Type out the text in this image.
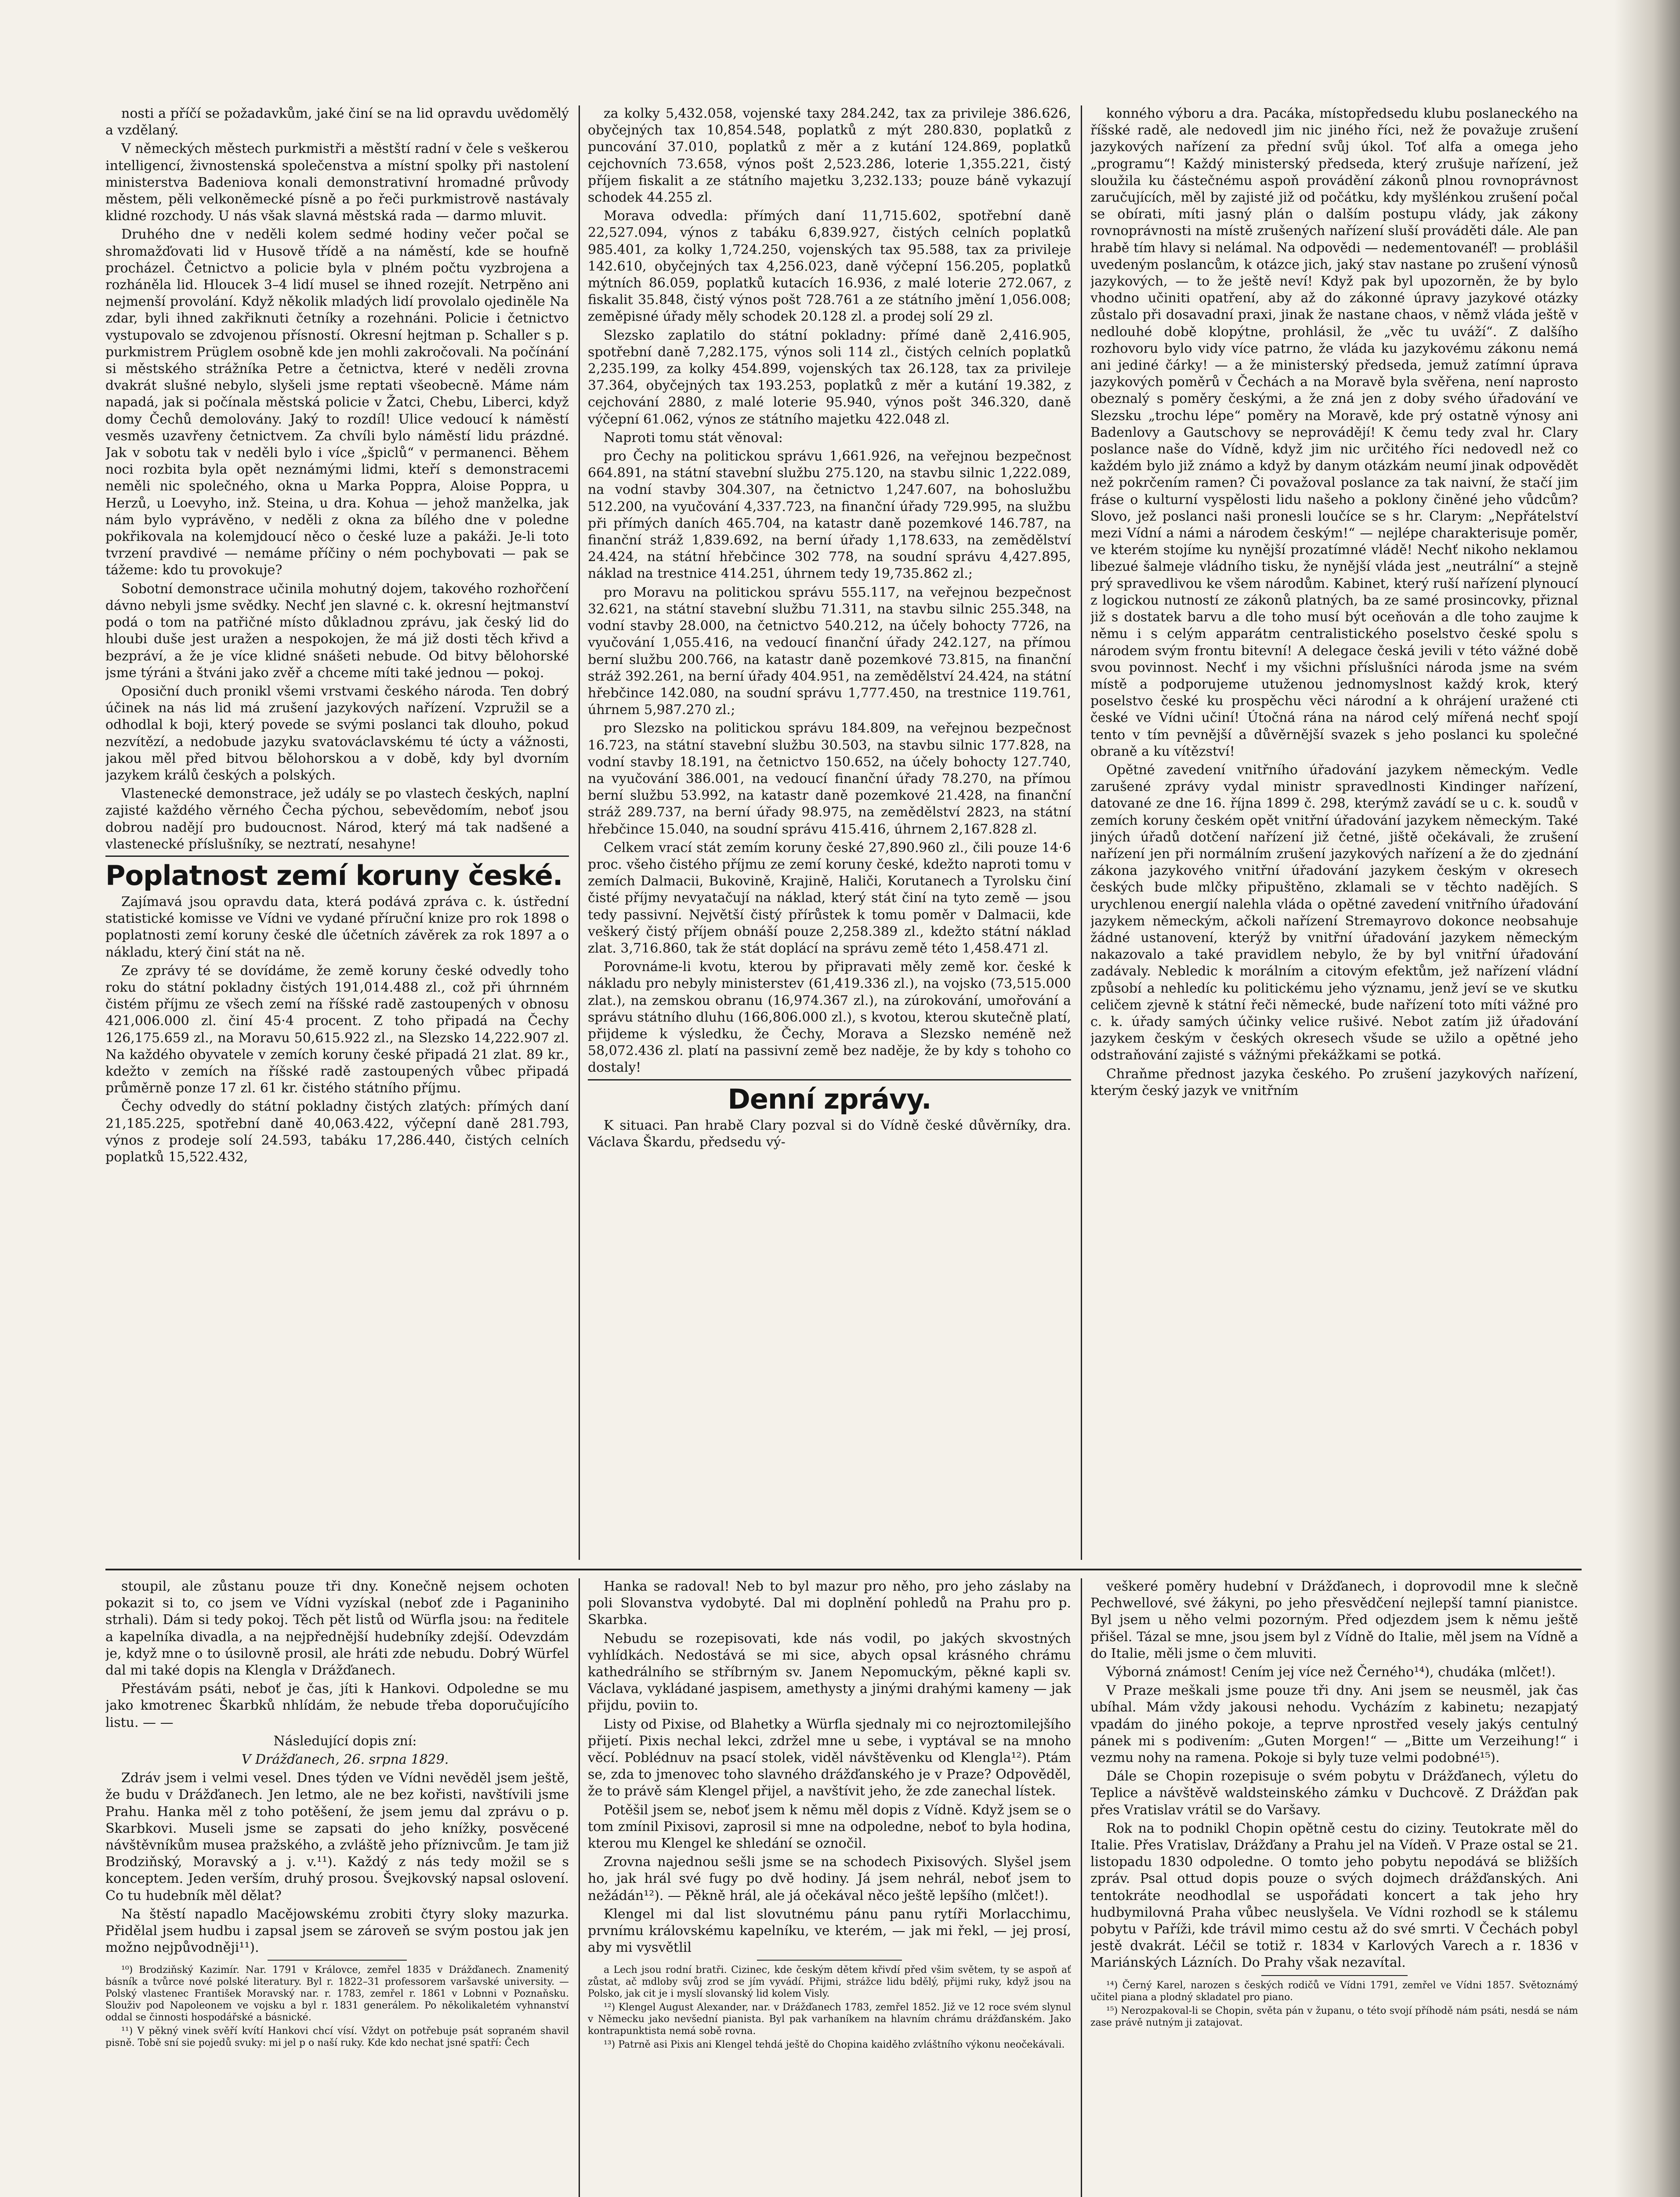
nosti a příčí se požadavkům, jaké činí se na lid opravdu uvědomělý a vzdělaný.

V německých městech purkmistři a městští radní v čele s veškerou intelligencí, živnostenská společenstva a místní spolky při nastolení ministerstva Badeniova konali demonstrativní hromadné průvody městem, pěli velkoněmecké písně a po řeči purkmistrově nastávaly klidné rozchody. U nás však slavná městská rada — darmo mluvit.

Druhého dne v neděli kolem sedmé hodiny večer počal se shromažďovati lid v Husově třídě a na náměstí, kde se houfně procházel. Četnictvo a policie byla v plném počtu vyzbrojena a rozháněla lid. Hloucek 3–4 lidí musel se ihned rozejít. Netrpěno ani nejmenší provolání. Když několik mladých lidí provolalo ojediněle Na zdar, byli ihned zakřiknuti četníky a rozehnáni. Policie i četnictvo vystupovalo se zdvojenou přísností. Okresní hejtman p. Schaller s p. purkmistrem Prüglem osobně kde jen mohli zakročovali. Na počínání si městského strážníka Petre a četnictva, které v neděli zrovna dvakrát slušné nebylo, slyšeli jsme reptati všeobecně. Máme nám napadá, jak si počínala městská policie v Žatci, Chebu, Liberci, když domy Čechů demolovány. Jaký to rozdíl! Ulice vedoucí k náměstí vesměs uzavřeny četnictvem. Za chvíli bylo náměstí lidu prázdné. Jak v sobotu tak v neděli bylo i více „špiclů“ v permanenci. Během noci rozbita byla opět neznámými lidmi, kteří s demonstracemi neměli nic společného, okna u Marka Poppra, Aloise Poppra, u Herzů, u Loevyho, inž. Steina, u dra. Kohua — jehož manželka, jak nám bylo vyprávěno, v neděli z okna za bílého dne v poledne pokřikovala na kolemjdoucí něco o české luze a pakáži. Je-li toto tvrzení pravdivé — nemáme příčiny o ném pochybovati — pak se tážeme: kdo tu provokuje?

Sobotní demonstrace učinila mohutný dojem, takového rozhořčení dávno nebyli jsme svědky. Nechť jen slavné c. k. okresní hejtmanství podá o tom na patřičné místo důkladnou zprávu, jak český lid do hloubi duše jest uražen a nespokojen, že má již dosti těch křivd a bezpráví, a že je více klidné snášeti nebude. Od bitvy bělohorské jsme týráni a štváni jako zvěř a chceme míti také jednou — pokoj.

Oposiční duch pronikl všemi vrstvami českého národa. Ten dobrý účinek na nás lid má zrušení jazykových nařízení. Vzpružil se a odhodlal k boji, který povede se svými poslanci tak dlouho, pokud nezvítězí, a nedobude jazyku svatováclavskému té úcty a vážnosti, jakou měl před bitvou bělohorskou a v době, kdy byl dvorním jazykem králů českých a polských.

Vlastenecké demonstrace, jež udály se po vlastech českých, naplní zajisté každého věrného Čecha pýchou, sebevědomím, neboť jsou dobrou nadějí pro budoucnost. Národ, který má tak nadšené a vlastenecké příslušníky, se neztratí, nesahyne!

Poplatnost zemí koruny české.

Zajímavá jsou opravdu data, která podává zpráva c. k. ústřední statistické komisse ve Vídni ve vydané příruční knize pro rok 1898 o poplatnosti zemí koruny české dle účetních závěrek za rok 1897 a o nákladu, který činí stát na ně.

Ze zprávy té se dovídáme, že země koruny české odvedly toho roku do státní pokladny čistých 191,014.488 zl., což při úhrnném čistém příjmu ze všech zemí na říšské radě zastoupených v obnosu 421,006.000 zl. činí 45·4 procent. Z toho připadá na Čechy 126,175.659 zl., na Moravu 50,615.922 zl., na Slezsko 14,222.907 zl. Na každého obyvatele v zemích koruny české připadá 21 zlat. 89 kr., kdežto v zemích na říšské radě zastoupených vůbec připadá průměrně ponze 17 zl. 61 kr. čistého státního příjmu.

Čechy odvedly do státní pokladny čistých zlatých: přímých daní 21,185.225, spotřební daně 40,063.422, výčepní daně 281.793, výnos z prodeje solí 24.593, tabáku 17,286.440, čistých celních poplatků 15,522.432,

za kolky 5,432.058, vojenské taxy 284.242, tax za privileje 386.626, obyčejných tax 10,854.548, poplatků z mýt 280.830, poplatků z puncování 37.010, poplatků z měr a z kutání 124.869, poplatků cejchovních 73.658, výnos pošt 2,523.286, loterie 1,355.221, čistý příjem fiskalit a ze státního majetku 3,232.133; pouze báně vykazují schodek 44.255 zl.

Morava odvedla: přímých daní 11,715.602, spotřební daně 22,527.094, výnos z tabáku 6,839.927, čistých celních poplatků 985.401, za kolky 1,724.250, vojenských tax 95.588, tax za privileje 142.610, obyčejných tax 4,256.023, daně výčepní 156.205, poplatků mýtních 86.059, poplatků kutacích 16.936, z malé loterie 272.067, z fiskalit 35.848, čistý výnos pošt 728.761 a ze státního jmění 1,056.008; zeměpisné úřady měly schodek 20.128 zl. a prodej solí 29 zl.

Slezsko zaplatilo do státní pokladny: přímé daně 2,416.905, spotřební daně 7,282.175, výnos soli 114 zl., čistých celních poplatků 2,235.199, za kolky 454.899, vojenských tax 26.128, tax za privileje 37.364, obyčejných tax 193.253, poplatků z měr a kutání 19.382, z cejchování 2880, z malé loterie 95.940, výnos pošt 346.320, daně výčepní 61.062, výnos ze státního majetku 422.048 zl.

Naproti tomu stát věnoval:

pro Čechy na politickou správu 1,661.926, na veřejnou bezpečnost 664.891, na státní stavební službu 275.120, na stavbu silnic 1,222.089, na vodní stavby 304.307, na četnictvo 1,247.607, na bohoslužbu 512.200, na vyučování 4,337.723, na finanční úřady 729.995, na službu při přímých daních 465.704, na katastr daně pozemkové 146.787, na finanční stráž 1,839.692, na berní úřady 1,178.633, na zemědělství 24.424, na státní hřebčince 302 778, na soudní správu 4,427.895, náklad na trestnice 414.251, úhrnem tedy 19,735.862 zl.;

pro Moravu na politickou správu 555.117, na veřejnou bezpečnost 32.621, na státní stavební službu 71.311, na stavbu silnic 255.348, na vodní stavby 28.000, na četnictvo 540.212, na účely bohocty 7726, na vyučování 1,055.416, na vedoucí finanční úřady 242.127, na přímou berní službu 200.766, na katastr daně pozemkové 73.815, na finanční stráž 392.261, na berní úřady 404.951, na zemědělství 24.424, na státní hřebčince 142.080, na soudní správu 1,777.450, na trestnice 119.761, úhrnem 5,987.270 zl.;

pro Slezsko na politickou správu 184.809, na veřejnou bezpečnost 16.723, na státní stavební službu 30.503, na stavbu silnic 177.828, na vodní stavby 18.191, na četnictvo 150.652, na účely bohocty 127.740, na vyučování 386.001, na vedoucí finanční úřady 78.270, na přímou berní službu 53.992, na katastr daně pozemkové 21.428, na finanční stráž 289.737, na berní úřady 98.975, na zemědělství 2823, na státní hřebčince 15.040, na soudní správu 415.416, úhrnem 2,167.828 zl.

Celkem vrací stát zemím koruny české 27,890.960 zl., čili pouze 14·6 proc. všeho čistého příjmu ze zemí koruny české, kdežto naproti tomu v zemích Dalmacii, Bukovině, Krajině, Haliči, Korutanech a Tyrolsku činí čisté příjmy nevyatačují na náklad, který stát činí na tyto země — jsou tedy passivní. Největší čistý přírůstek k tomu poměr v Dalmacii, kde veškerý čistý příjem obnáší pouze 2,258.389 zl., kdežto státní náklad zlat. 3,716.860, tak že stát doplácí na správu země této 1,458.471 zl.

Porovnáme-li kvotu, kterou by připravati měly země kor. české k nákladu pro nebyly ministerstev (61,419.336 zl.), na vojsko (73,515.000 zlat.), na zemskou obranu (16,974.367 zl.), na zúrokování, umořování a správu státního dluhu (166,806.000 zl.), s kvotou, kterou skutečně platí, přijdeme k výsledku, že Čechy, Morava a Slezsko neméně než 58,072.436 zl. platí na passivní země bez naděje, že by kdy s tohoho co dostaly!

Denní zprávy.

K situaci. Pan hrabě Clary pozval si do Vídně české důvěrníky, dra. Václava Škardu, předsedu vý-

konného výboru a dra. Pacáka, místopředsedu klubu poslaneckého na říšské radě, ale nedovedl jim nic jiného říci, než že považuje zrušení jazykových nařízení za přední svůj úkol. Toť alfa a omega jeho „programu“! Každý ministerský předseda, který zrušuje nařízení, jež sloužila ku částečnému aspoň provádění zákonů plnou rovnoprávnost zaručujících, měl by zajisté již od počátku, kdy myšlénkou zrušení počal se obírati, míti jasný plán o dalším postupu vlády, jak zákony rovnoprávnosti na místě zrušených nařízení sluší prováděti dále. Ale pan hrabě tím hlavy si nelámal. Na odpovědi — nedementovanéľ! — problášil uvedeným poslancům, k otázce jich, jaký stav nastane po zrušení výnosů jazykových, — to že ještě neví! Když pak byl upozorněn, že by bylo vhodno učiniti opatření, aby až do zákonné úpravy jazykové otázky zůstalo při dosavadní praxi, jinak že nastane chaos, v němž vláda ještě v nedlouhé době klopýtne, prohlásil, že „věc tu uváží“. Z dalšího rozhovoru bylo vidy více patrno, že vláda ku jazykovému zákonu nemá ani jediné čárky! — a že ministerský předseda, jemuž zatímní úprava jazykových poměrů v Čechách a na Moravě byla svěřena, není naprosto obeznalý s poměry českými, a že zná jen z doby svého úřadování ve Slezsku „trochu lépe“ poměry na Moravě, kde prý ostatně výnosy ani Badenlovy a Gautschovy se neprovádějí! K čemu tedy zval hr. Clary poslance naše do Vídně, když jim nic určitého říci nedovedl než co každém bylo již známo a když by danym otázkám neumí jinak odpovědět než pokrčením ramen? Či považoval poslance za tak naivní, že stačí jim fráse o kulturní vyspělosti lidu našeho a poklony činěné jeho vůdcům? Slovo, jež poslanci naši pronesli loučíce se s hr. Clarym: „Nepřátelství mezi Vídní a námi a národem českým!“ — nejlépe charakterisuje poměr, ve kterém stojíme ku nynější prozatímné vládě! Nechť nikoho neklamou libezué šalmeje vládního tisku, že nynější vláda jest „neutrální“ a stejně prý spravedlivou ke všem národům. Kabinet, který ruší nařízení plynoucí z logickou nutností ze zákonů platných, ba ze samé prosincovky, přiznal již s dostatek barvu a dle toho musí být oceňován a dle toho zaujme k němu i s celým apparátm centralistického poselstvo české spolu s národem svým frontu bitevní! A delegace česká jevili v této vážné době svou povinnost. Nechť i my všichni příslušníci národa jsme na svém místě a podporujeme utuženou jednomyslnost každý krok, který poselstvo české ku prospěchu věci národní a k ohrájení uražené cti české ve Vídni učiní! Útočná rána na národ celý mířená nechť spojí tento v tím pevnější a důvěrnější svazek s jeho poslanci ku společné obraně a ku vítězství!

Opětné zavedení vnitřního úřadování jazykem německým. Vedle zarušené zprávy vydal ministr spravedlnosti Kindinger nařízení, datované ze dne 16. října 1899 č. 298, kterýmž zavádí se u c. k. soudů v zemích koruny českém opět vnitřní úřadování jazykem německým. Také jiných úřadů dotčení nařízení již četné, jiště očekávali, že zrušení nařízení jen při normálním zrušení jazykových nařízení a že do zjednání zákona jazykového vnitřní úřadování jazykem českým v okresech českých bude mlčky připuštěno, zklamali se v těchto nadějích. S urychlenou energií nalehla vláda o opětné zavedení vnitřního úřadování jazykem německým, ačkoli nařízení Stremayrovo dokonce neobsahuje žádné ustanovení, kterýž by vnitřní úřadování jazykem německým nakazovalo a také pravidlem nebylo, že by byl vnitřní úřadování zadávaly. Nebledic k morálním a citovým efektům, jež nařízení vládní způsobí a nehledíc ku politickému jeho významu, jenž jeví se ve skutku celičem zjevně k státní řeči německé, bude nařízení toto míti vážné pro c. k. úřady samých účinky velice rušivé. Nebot zatím již úřadování jazykem českým v českých okresech všude se užilo a opětné jeho odstraňování zajisté s vážnými překážkami se potká.

Chraňme přednost jazyka českého. Po zrušení jazykových nařízení, kterým český jazyk ve vnitřním

stoupil, ale zůstanu pouze tři dny. Konečně nejsem ochoten pokazit si to, co jsem ve Vídni vyzískal (neboť zde i Paganiniho strhali). Dám si tedy pokoj. Těch pět listů od Würfla jsou: na ředitele a kapelníka divadla, a na nejpřednější hudebníky zdejší. Odevzdám je, když mne o to úsilovně prosil, ale hráti zde nebudu. Dobrý Würfel dal mi také dopis na Klengla v Drážďanech.

Přestávám psáti, neboť je čas, jíti k Hankovi. Odpoledne se mu jako kmotrenec Škarbků nhlídám, že nebude třeba doporučujícího listu. — —

Následující dopis zní:

V Drážďanech, 26. srpna 1829.

Zdráv jsem i velmi vesel. Dnes týden ve Vídni nevěděl jsem ještě, že budu v Drážďanech. Jen letmo, ale ne bez kořisti, navštívili jsme Prahu. Hanka měl z toho potěšení, že jsem jemu dal zprávu o p. Skarbkovi. Museli jsme se zapsati do jeho knížky, posvěcené návštěvníkům musea pražského, a zvláště jeho příznivcům. Je tam již Brodziňský, Moravský a j. v.¹¹). Každý z nás tedy možil se s konceptem. Jeden verším, druhý prosou. Švejkovský napsal oslovení. Co tu hudebník měl dělat?

Na štěstí napadlo Macějowskému zrobiti čtyry sloky mazurka. Přidělal jsem hudbu i zapsal jsem se zároveň se svým postou jak jen možno nejpůvodněji¹¹).

¹⁰) Brodziňský Kazimír. Nar. 1791 v Královce, zemřel 1835 v Drážďanech. Znamenitý básník a tvůrce nové polské literatury. Byl r. 1822–31 professorem varšavské university. — Polský vlastenec František Moravský nar. r. 1783, zemřel r. 1861 v Lobnni v Poznaňsku. Slouživ pod Napoleonem ve vojsku a byl r. 1831 generálem. Po několikaletém vyhnanství oddal se činnosti hospodářské a básnické.

¹¹) V pěkný vinek svěří kvítí Hankovi chcí vísí. Vždyt on potřebuje psát sopraném shavil pisně. Tobě sní sie pojedů svuky: mi jel p o naší ruky. Kde kdo nechat jsné spatří: Čech

Hanka se radoval! Neb to byl mazur pro něho, pro jeho záslaby na poli Slovanstva vydobyté. Dal mi doplnění pohledů na Prahu pro p. Skarbka.

Nebudu se rozepisovati, kde nás vodil, po jakých skvostných vyhlídkách. Nedostává se mi sice, abych opsal krásného chrámu kathedrálního se stříbrným sv. Janem Nepomuckým, pěkné kapli sv. Václava, vykládané jaspisem, amethysty a jinými drahými kameny — jak přijdu, poviin to.

Listy od Pixise, od Blahetky a Würfla sjednaly mi co nejroztomilejšího přijetí. Pixis nechal lekci, zdržel mne u sebe, i vyptával se na mnoho věcí. Poblédnuv na psací stolek, viděl návštěvenku od Klengla¹²). Ptám se, zda to jmenovec toho slavného drážďanského je v Praze? Odpověděl, že to právě sám Klengel přijel, a navštívit jeho, že zde zanechal lístek.

Potěšil jsem se, neboť jsem k němu měl dopis z Vídně. Když jsem se o tom zmínil Pixisovi, zaprosil si mne na odpoledne, neboť to byla hodina, kterou mu Klengel ke shledání se oznočil.

Zrovna najednou sešli jsme se na schodech Pixisových. Slyšel jsem ho, jak hrál své fugy po dvě hodiny. Já jsem nehrál, neboť jsem to nežádán¹²). — Pěkně hrál, ale já očekával něco ještě lepšího (mlčet!).

Klengel mi dal list slovutnému pánu panu rytíři Morlacchimu, prvnímu královskému kapelníku, ve kterém, — jak mi řekl, — jej prosí, aby mi vysvětlil

a Lech jsou rodní bratři. Cizinec, kde českým dětem křivdí před všim světem, ty se aspoň ať zůstat, ač mdloby svůj zrod se jím vyvádí. Přijmi, strážce lidu bdělý, přijmi ruky, když jsou na Polsko, jak cit je i myslí slovanský lid kolem Visly.

¹²) Klengel August Alexander, nar. v Drážďanech 1783, zemřel 1852. Již ve 12 roce svém slynul v Německu jako nevšední pianista. Byl pak varhaníkem na hlavním chrámu drážďanském. Jako kontrapunktista nemá sobě rovna.

¹³) Patrně asi Pixis ani Klengel tehdá ještě do Chopina kaiděho zvláštního výkonu neočekávali.

veškeré poměry hudební v Drážďanech, i doprovodil mne k slečně Pechwellové, své žákyni, po jeho přesvědčení nejlepší tamní pianistce. Byl jsem u něho velmi pozorným. Před odjezdem jsem k němu ještě přišel. Tázal se mne, jsou jsem byl z Vídně do Italie, měl jsem na Vídně a do Italie, měli jsme o čem mluviti.

Výborná známost! Cením jej více než Černého¹⁴), chudáka (mlčet!).

V Praze meškali jsme pouze tři dny. Ani jsem se neusměl, jak čas ubíhal. Mám vždy jakousi nehodu. Vycházím z kabinetu; nezapjatý vpadám do jiného pokoje, a teprve nprostřed vesely jakýs centulný pánek mi s podivením: „Guten Morgen!“ — „Bitte um Verzeihung!“ i vezmu nohy na ramena. Pokoje si byly tuze velmi podobné¹⁵).

Dále se Chopin rozepisuje o svém pobytu v Drážďanech, výletu do Teplice a návštěvě waldsteinského zámku v Duchcově. Z Drážďan pak přes Vratislav vrátil se do Varšavy.

Rok na to podnikl Chopin opětně cestu do ciziny. Teutokrate měl do Italie. Přes Vratislav, Drážďany a Prahu jel na Vídeň. V Praze ostal se 21. listopadu 1830 odpoledne. O tomto jeho pobytu nepodává se bližších zpráv. Psal ottud dopis pouze o svých dojmech drážďanských. Ani tentokráte neodhodlal se uspořádati koncert a tak jeho hry hudbymilovná Praha vůbec neuslyšela. Ve Vídni rozhodl se k stálemu pobytu v Paříži, kde trávil mimo cestu až do své smrti. V Čechách pobyl jestě dvakrát. Léčil se totiž r. 1834 v Karlových Varech a r. 1836 v Mariánských Lázních. Do Prahy však nezavítal.

¹⁴) Černý Karel, narozen s českých rodičů ve Vídni 1791, zemřel ve Vídni 1857. Světoznámý učitel piana a plodný skladatel pro piano.

¹⁵) Nerozpakoval-li se Chopin, světa pán v županu, o této svojí příhodě nám psáti, nesdá se nám zase právě nutným ji zatajovat.
